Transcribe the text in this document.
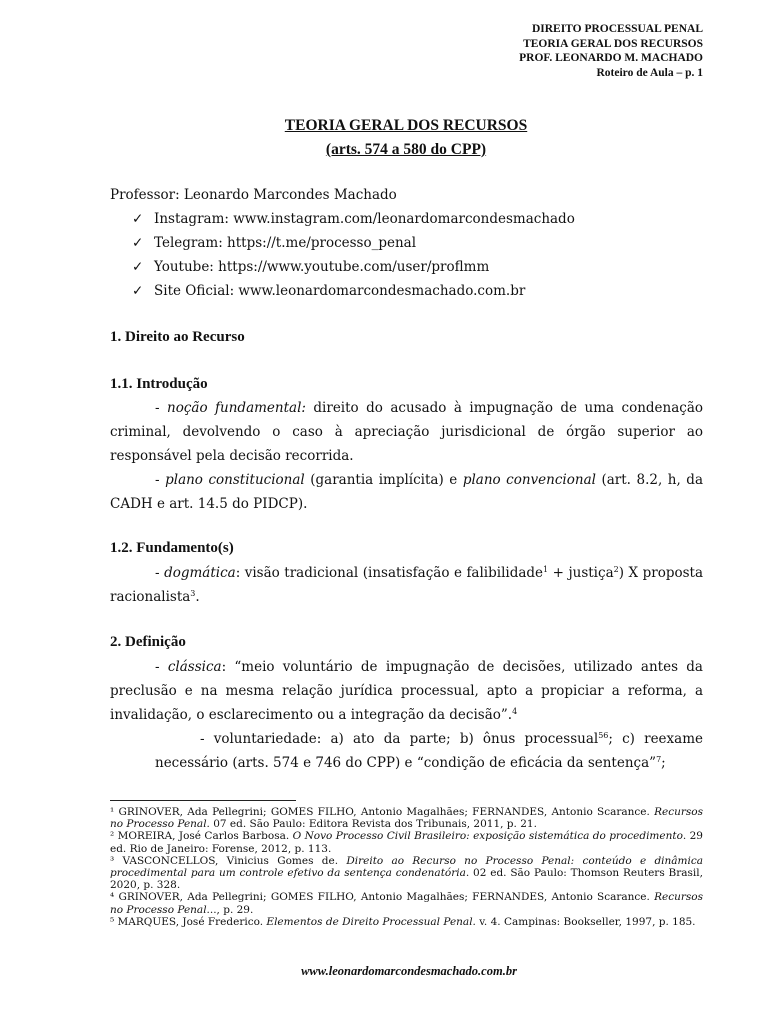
DIREITO PROCESSUAL PENAL
TEORIA GERAL DOS RECURSOS
PROF. LEONARDO M. MACHADO
Roteiro de Aula – p. 1
TEORIA GERAL DOS RECURSOS
(arts. 574 a 580 do CPP)
Professor: Leonardo Marcondes Machado
✓ Instagram: www.instagram.com/leonardomarcondesmachado
✓ Telegram: https://t.me/processo_penal
✓ Youtube: https://www.youtube.com/user/proflmm
✓ Site Oficial: www.leonardomarcondesmachado.com.br
1. Direito ao Recurso
1.1. Introdução
- noção fundamental: direito do acusado à impugnação de uma condenação criminal, devolvendo o caso à apreciação jurisdicional de órgão superior ao responsável pela decisão recorrida.
- plano constitucional (garantia implícita) e plano convencional (art. 8.2, h, da CADH e art. 14.5 do PIDCP).
1.2. Fundamento(s)
- dogmática: visão tradicional (insatisfação e falibilidade$^1$ + justiça$^2$) X proposta racionalista$^3$.
2. Definição
- clássica: “meio voluntário de impugnação de decisões, utilizado antes da preclusão e na mesma relação jurídica processual, apto a propiciar a reforma, a invalidação, o esclarecimento ou a integração da decisão”.$^4$
- voluntariedade: a) ato da parte; b) ônus processual$^{56}$; c) reexame necessário (arts. 574 e 746 do CPP) e “condição de eficácia da sentença”$^7$;
¹ GRINOVER, Ada Pellegrini; GOMES FILHO, Antonio Magalhães; FERNANDES, Antonio Scarance. Recursos no Processo Penal. 07 ed. São Paulo: Editora Revista dos Tribunais, 2011, p. 21.
² MOREIRA, José Carlos Barbosa. O Novo Processo Civil Brasileiro: exposição sistemática do procedimento. 29 ed. Rio de Janeiro: Forense, 2012, p. 113.
³ VASCONCELLOS, Vinicius Gomes de. Direito ao Recurso no Processo Penal: conteúdo e dinâmica procedimental para um controle efetivo da sentença condenatória. 02 ed. São Paulo: Thomson Reuters Brasil, 2020, p. 328.
⁴ GRINOVER, Ada Pellegrini; GOMES FILHO, Antonio Magalhães; FERNANDES, Antonio Scarance. Recursos no Processo Penal..., p. 29.
⁵ MARQUES, José Frederico. Elementos de Direito Processual Penal. v. 4. Campinas: Bookseller, 1997, p. 185.
www.leonardomarcondesmachado.com.br
